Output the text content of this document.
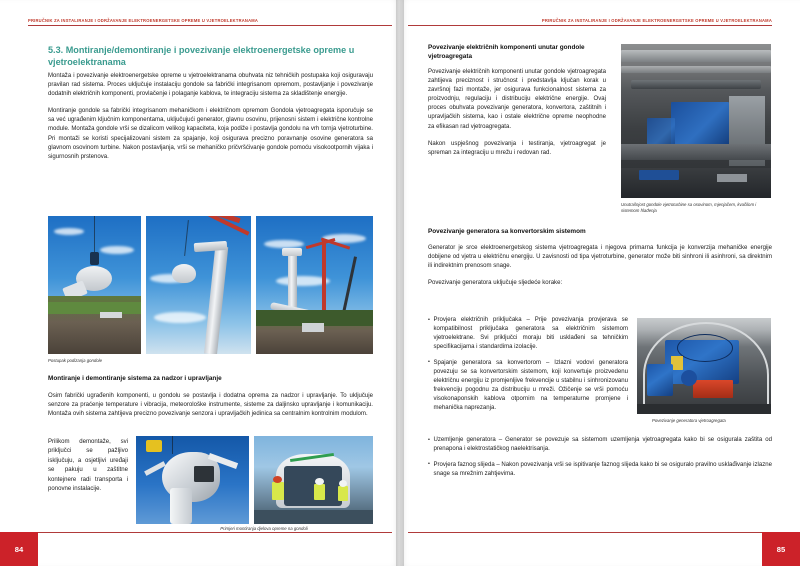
PRIRUČNIK ZA INSTALIRANJE I ODRŽAVANJE ELEKTROENERGETSKE OPREME U VJETROELEKTRANAMA
5.3. Montiranje/demontiranje i povezivanje elektroenergetske opreme u vjetroelektranama

Montaža i povezivanje elektroenergetske opreme u vjetroelektranama obuhvata niz tehničkih postupaka koji osiguravaju pravilan rad sistema. Proces uključuje instalaciju gondole sa fabrički integrisanom opremom, postavljanje i povezivanje dodatnih električnih komponenti, provlačenje i polaganje kablova, te integraciju sistema za skladištenje energije.

Montiranje gondole sa fabrički integrisanom mehaničkom i električnom opremom Gondola vjetroagregata isporučuje se sa već ugrađenim ključnim komponentama, uključujući generator, glavnu osovinu, prijenosni sistem i električne kontrolne module. Montaža gondole vrši se dizalicom velikog kapaciteta, koja podiže i postavlja gondolu na vrh tornja vjetroturbine. Pri montaži se koristi specijalizovani sistem za spajanje, koji osigurava precizno poravnanje osovine generatora sa glavnom osovinom turbine. Nakon postavljanja, vrši se mehaničko pričvršćivanje gondole pomoću visokootpornih vijaka i sigurnosnih prstenova.

Postupak podizanja gondole
Montiranje i demontiranje sistema za nadzor i upravljanje

Osim fabrički ugrađenih komponenti, u gondolu se postavlja i dodatna oprema za nadzor i upravljanje. To uključuje senzore za praćenje temperature i vibracija, meteorološke instrumente, sisteme za daljinsko upravljanje i komunikaciju. Montaža ovih sistema zahtijeva precizno povezivanje senzora i upravljačkih jedinica sa centralnim kontrolnim modulom.

Prilikom demontaže, svi priključci se pažljivo isključuju, a osjetljivi uređaji se pakuju u zaštitne kontejnere radi transporta i ponovne instalacije.

Primjeri montiranja djelova opreme na gondoli
84
PRIRUČNIK ZA INSTALIRANJE I ODRŽAVANJE ELEKTROENERGETSKE OPREME U VJETROELEKTRANAMA
Povezivanje električnih komponenti unutar gondole vjetroagregata

Povezivanje električnih komponenti unutar gondole vjetroagregata zahtijeva preciznost i stručnost i predstavlja ključan korak u završnoj fazi montaže, jer osigurava funkcionalnost sistema za proizvodnju, regulaciju i distribuciju električne energije. Ovaj proces obuhvata povezivanje generatora, konvertora, zaštitnih i upravljačkih sistema, kao i ostale električne opreme neophodne za efikasan rad vjetroagregata.

Nakon uspješnog povezivanja i testiranja, vjetroagregat je spreman za integraciju u mrežu i redovan rad.

Unutrašnjost gondole vjetroturbine sa osovinom, mjenjačem, kvačilom i sistemom hlađenja
Povezivanje generatora sa konvertorskim sistemom

Generator je srce elektroenergetskog sistema vjetroagregata i njegova primarna funkcija je konverzija mehaničke energije dobijene od vjetra u električnu energiju. U zavisnosti od tipa vjetroturbine, generator može biti sinhroni ili asinhroni, sa direktnim ili indirektnim prenosom snage.

Povezivanje generatora uključuje sljedeće korake:

Povezivanje generatora vjetroagregata
• Provjera električnih priključaka – Prije povezivanja provjerava se kompatibilnost priključaka generatora sa električnim sistemom vjetroelektrane. Svi priključci moraju biti usklađeni sa tehničkim specifikacijama i standardima izolacije.
• Spajanje generatora sa konvertorom – Izlazni vodovi generatora povezuju se sa konvertorskim sistemom, koji konvertuje proizvedenu električnu energiju iz promjenljive frekvencije u stabilnu i sinhronizovanu frekvenciju pogodnu za distribuciju u mreži. Ožičenje se vrši pomoću visokonaponskih kablova otpornim na temperaturne promjene i mehanička naprezanja.
• Uzemljenje generatora – Generator se povezuje sa sistemom uzemljenja vjetroagregata kako bi se osigurala zaštita od prenapona i elektrostatičkog naelektrisanja.
• Provjera faznog slijeda – Nakon povezivanja vrši se ispitivanje faznog slijeda kako bi se osiguralo pravilno usklađivanje izlazne snage sa mrežnim zahtjevima.
85
